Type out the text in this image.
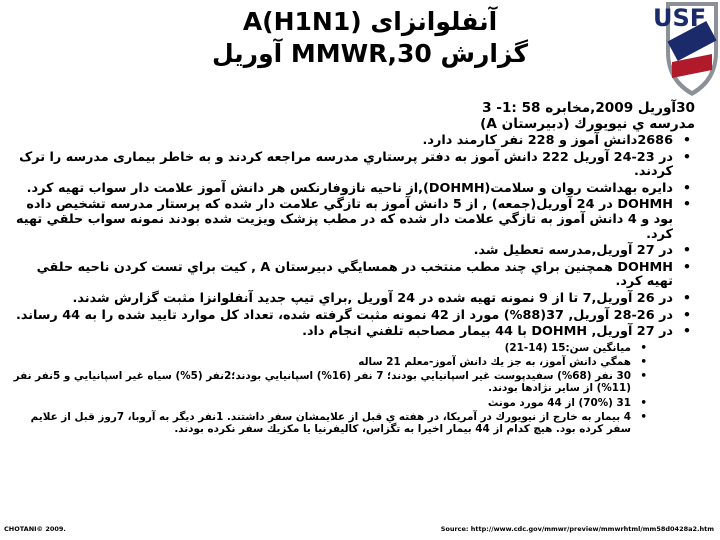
آنفلوانزای (A(H1N1
گزارش 30,MMWR آوریل
USF
30آوریل 2009,مخابره 58 :1- 3
مدرسه ي نيويورك (دبيرستان A)
• 2686دانش آموز و 228 نفر کارمند دارد.
• در 23-24 آوریل 222 دانش آموز به دفتر پرستاري مدرسه مراجعه کردند و به خاطر بیماری مدرسه را ترک کردند.
• دایره بهداشت روان و سلامت(DOHMH),از ناحیه نازوفارنکس هر دانش آموز علامت دار سواب تهیه کرد.
• DOHMH در 24 آوریل(جمعه) , از 5 دانش آموز به تازگي علامت دار شده که پرستار مدرسه تشخیص داده بود و 4 دانش آموز به تازگي علامت دار شده که در مطب پزشک ويزيت شده بودند نمونه سواب حلقي تهيه کرد.
• در 27 آوريل,مدرسه تعطيل شد.
• DOHMH همچنين براي چند مطب منتخب در همسايگي دبيرستان A , کيت براي تست کردن ناحيه حلقي تهيه کرد.
• در 26 آوریل,7 تا از 9 نمونه تهيه شده در 24 آوريل ,براي تيپ جدید آنفلوانزا مثبت گزارش شدند.
• در 26-28 آوریل, 37(88%) مورد از 42 نمونه مثبت گرفته شده، تعداد کل موارد تاييد شده را به 44 رساند.
• در 27 آوريل, DOHMH با 44 بيمار مصاحبه تلفني انجام داد.
• میانگین سن:15 (14-21)
• همگي دانش آموز، به جز يك دانش آموز-معلم 21 ساله
• 30 نفر (68%) سفيدپوست غير اسپانيايي بودند؛ 7 نفر (16%) اسپانيايي بودند؛2نفر (5%) سياه غير اسپانيايي و 5نفر نفر (11%) از ساير نژادها بودند.
• 31 (70%) از 44 مورد مونث
• 4 بيمار به خارج از نيويورك در آمريكا، در هفته ي قبل از علايمشان سفر داشتند. 1نفر ديگر به آروبا، 7روز قبل از علايم سفر كرده بود. هيچ كدام از 44 بيمار اخيرا به تگزاس، كاليفرنيا يا مكزيك سفر نكرده بودند.
CHOTANI© 2009.	Source: http://www.cdc.gov/mmwr/preview/mmwrhtml/mm58d0428a2.htm
